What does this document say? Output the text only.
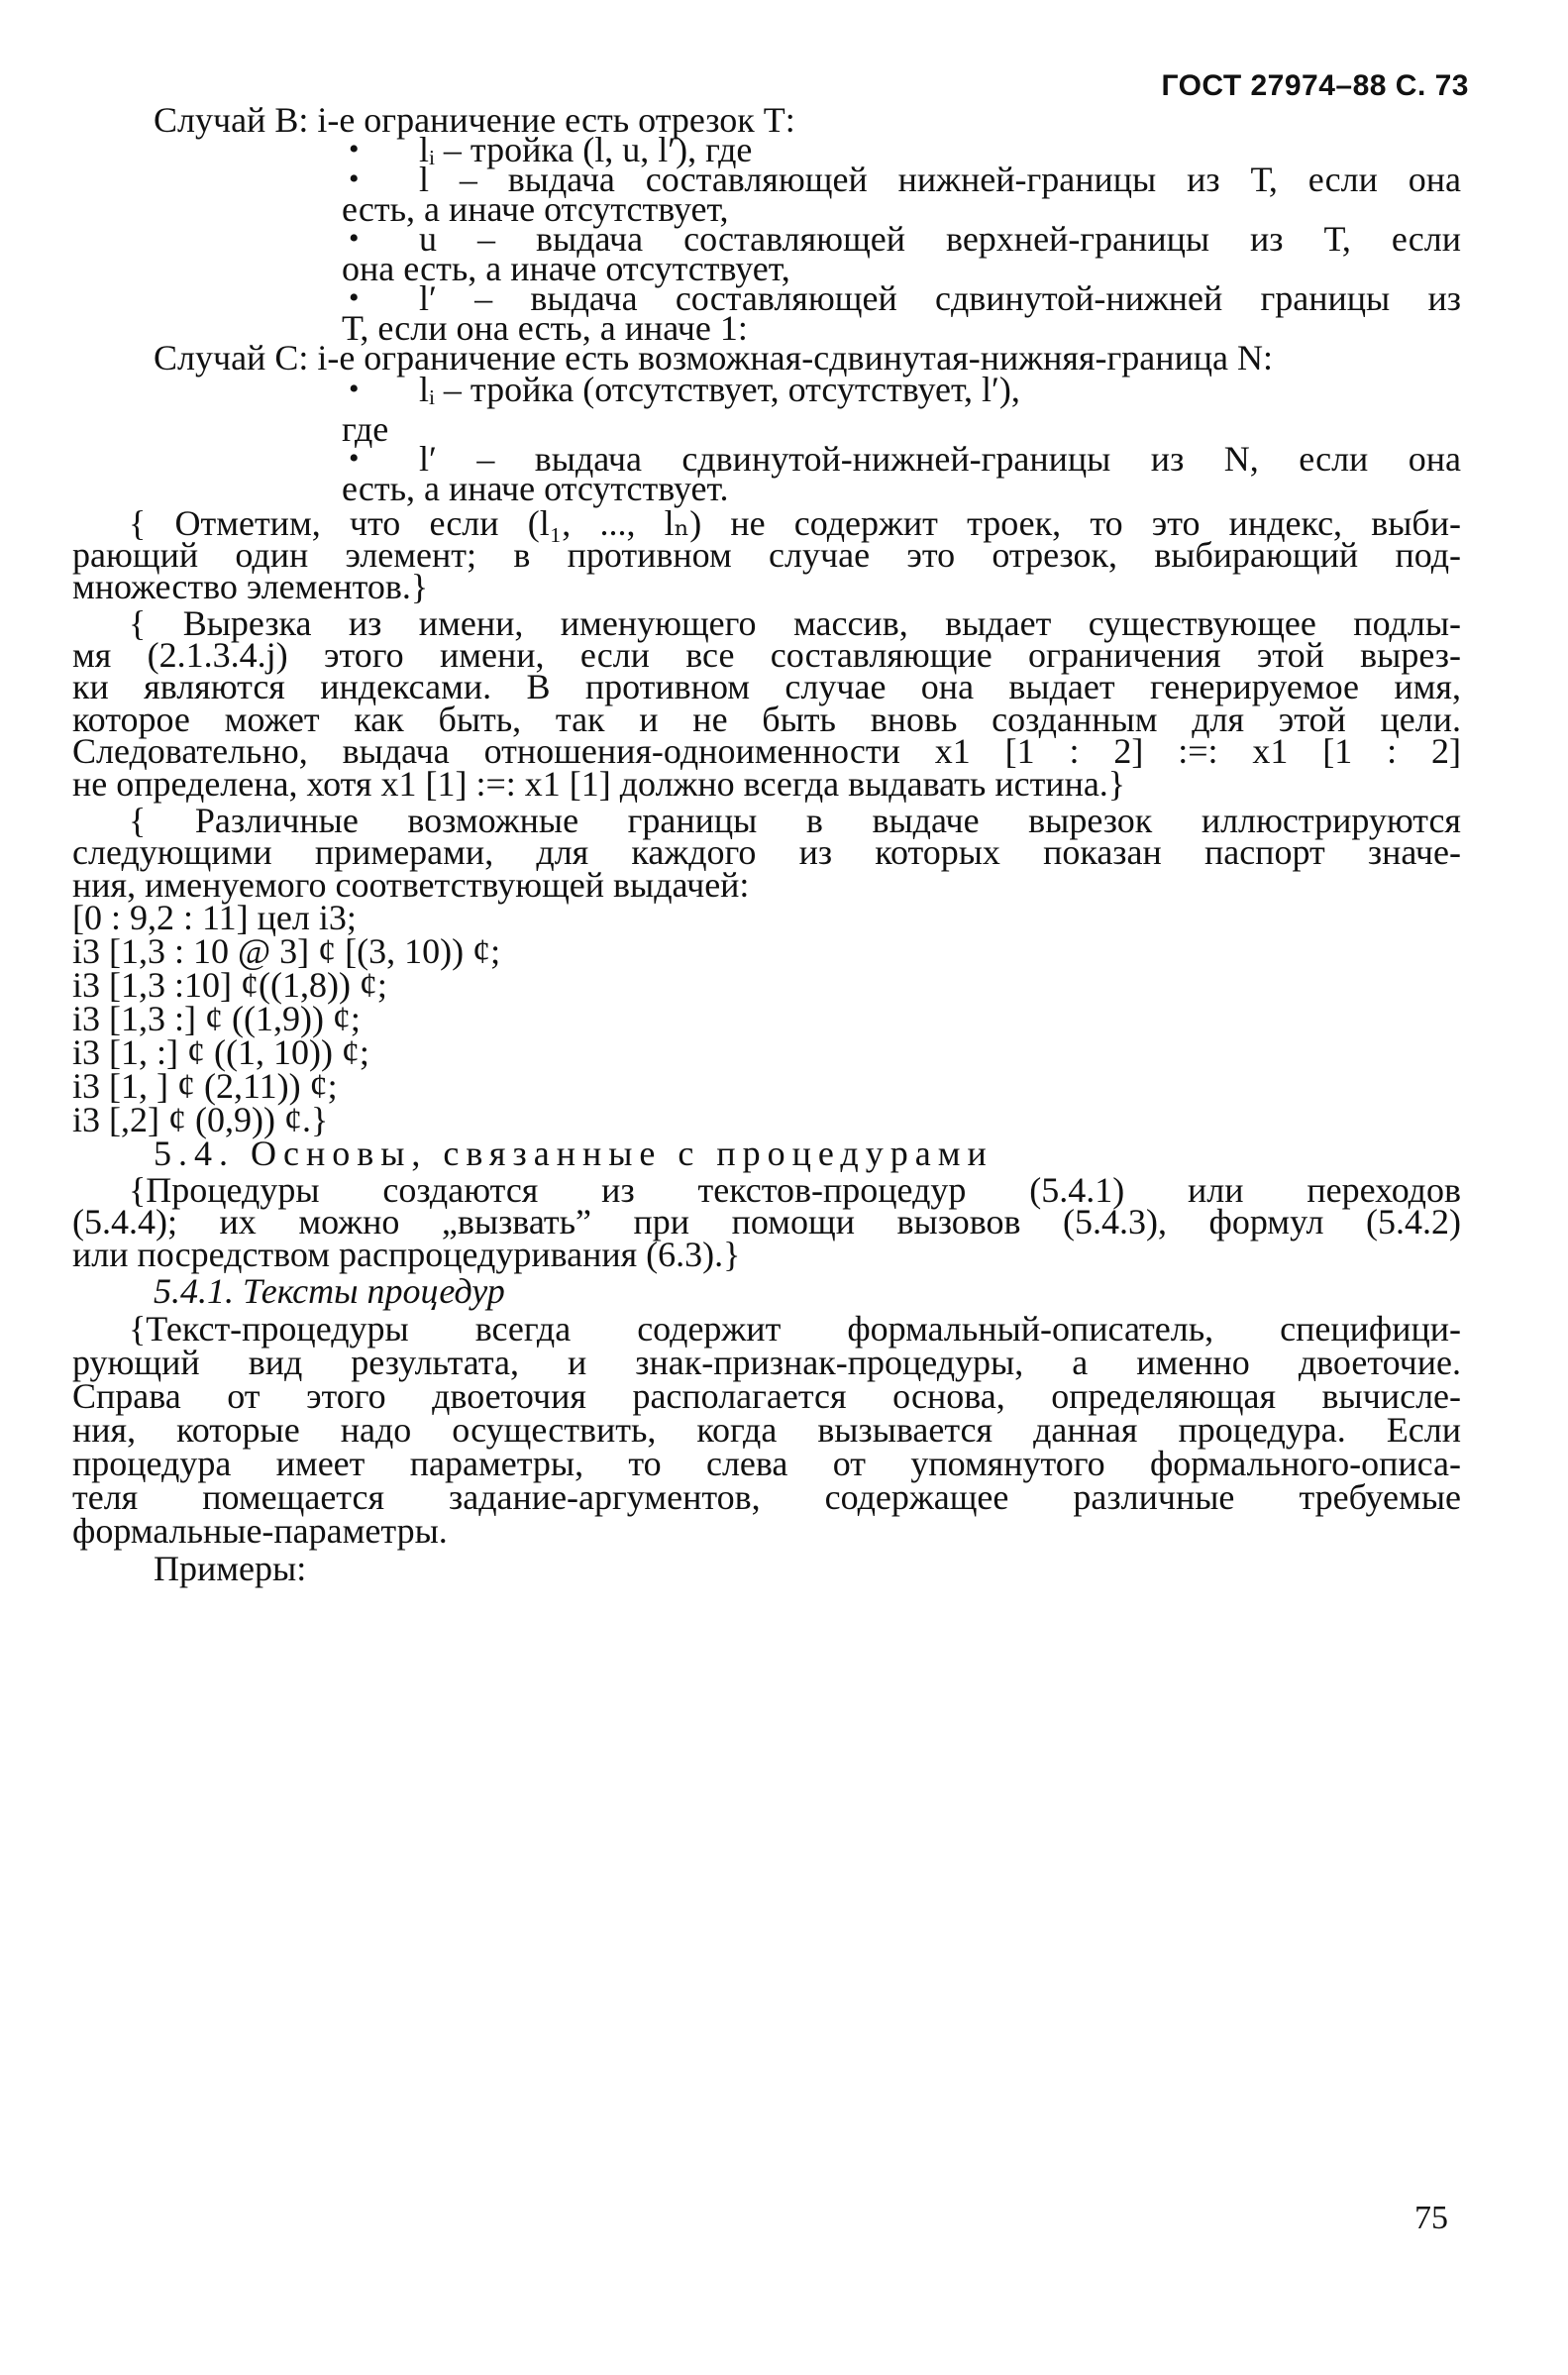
ГОСТ 27974–88 С. 73
Случай В: i-е ограничение есть отрезок Т:
• lᵢ – тройка (l, u, l′), где
• l – выдача составляющей нижней-границы из Т, если она
есть, а иначе отсутствует,
• u – выдача составляющей верхней-границы из Т, если
она есть, а иначе отсутствует,
• l′ – выдача составляющей сдвинутой-нижней границы из
Т, если она есть, а иначе 1:
Случай С: i-е ограничение есть возможная-сдвинутая-нижняя-граница N:
• lᵢ – тройка (отсутствует, отсутствует, l′),
где
• l′ – выдача сдвинутой-нижней-границы из N, если она
есть, а иначе отсутствует.
{ Отметим, что если (l₁, ..., lₙ) не содержит троек, то это индекс, выби-
рающий один элемент; в противном случае это отрезок, выбирающий под-
множество элементов.}
{ Вырезка из имени, именующего массив, выдает существующее подлы-
мя (2.1.3.4.j) этого имени, если все составляющие ограничения этой вырез-
ки являются индексами. В противном случае она выдает генерируемое имя,
которое может как быть, так и не быть вновь созданным для этой цели.
Следовательно, выдача отношения-одноименности x1 [1 : 2] :=: x1 [1 : 2]
не определена, хотя x1 [1] :=: x1 [1] должно всегда выдавать истина.}
{ Различные возможные границы в выдаче вырезок иллюстрируются
следующими примерами, для каждого из которых показан паспорт значе-
ния, именуемого соответствующей выдачей:
[0 : 9,2 : 11] цел i3;
i3 [1,3 : 10 @ 3] ¢ [(3, 10)) ¢;
i3 [1,3 :10] ¢((1,8)) ¢;
i3 [1,3 :] ¢ ((1,9)) ¢;
i3 [1, :] ¢ ((1, 10)) ¢;
i3 [1, ] ¢ (2,11)) ¢;
i3 [,2] ¢ (0,9)) ¢.}
5.4. Основы, связанные с процедурами
{Процедуры создаются из текстов-процедур (5.4.1) или переходов
(5.4.4); их можно „вызвать” при помощи вызовов (5.4.3), формул (5.4.2)
или посредством распроцедуривания (6.3).}
5.4.1. Тексты процедур
{Текст-процедуры всегда содержит формальный-описатель, специфици-
рующий вид результата, и знак-признак-процедуры, а именно двоеточие.
Справа от этого двоеточия располагается основа, определяющая вычисле-
ния, которые надо осуществить, когда вызывается данная процедура. Если
процедура имеет параметры, то слева от упомянутого формального-описа-
теля помещается задание-аргументов, содержащее различные требуемые
формальные-параметры.
Примеры:
75
